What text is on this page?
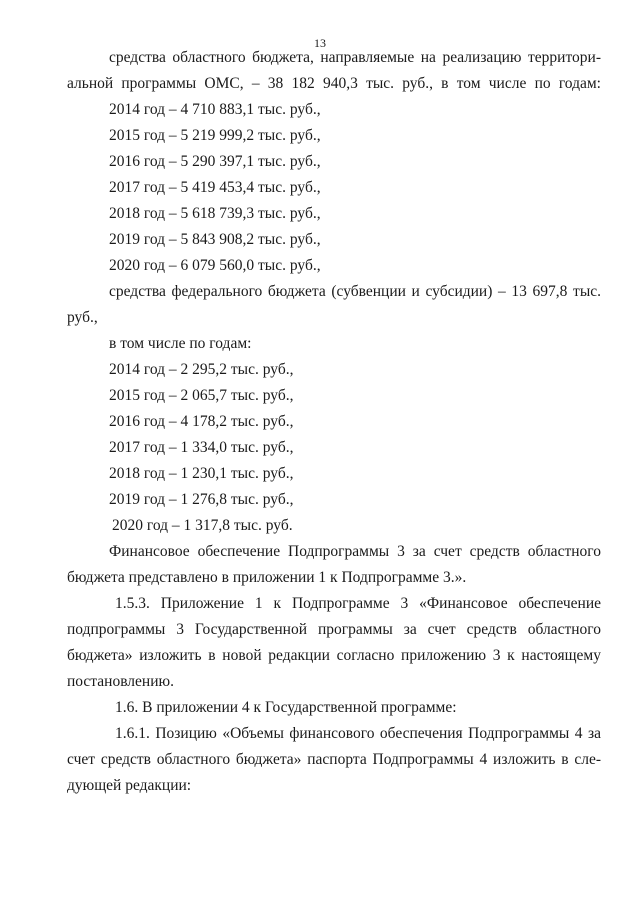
13
средства областного бюджета, направляемые на реализацию территори-
альной программы ОМС, – 38 182 940,3 тыс. руб., в том числе по годам:
2014 год – 4 710 883,1 тыс. руб.,
2015 год – 5 219 999,2 тыс. руб.,
2016 год – 5 290 397,1 тыс. руб.,
2017 год – 5 419 453,4 тыс. руб.,
2018 год – 5 618 739,3 тыс. руб.,
2019 год – 5 843 908,2 тыс. руб.,
2020 год – 6 079 560,0 тыс. руб.,
средства федерального бюджета (субвенции и субсидии) – 13 697,8 тыс.
руб.,
в том числе по годам:
2014 год – 2 295,2 тыс. руб.,
2015 год – 2 065,7 тыс. руб.,
2016 год – 4 178,2 тыс. руб.,
2017 год – 1 334,0 тыс. руб.,
2018 год – 1 230,1 тыс. руб.,
2019 год – 1 276,8 тыс. руб.,
2020 год – 1 317,8 тыс. руб.
Финансовое обеспечение Подпрограммы 3 за счет средств областного
бюджета представлено в приложении 1 к Подпрограмме 3.».
1.5.3. Приложение 1 к Подпрограмме 3 «Финансовое обеспечение
подпрограммы 3 Государственной программы за счет средств областного
бюджета» изложить в новой редакции согласно приложению 3 к настоящему
постановлению.
1.6. В приложении 4 к Государственной программе:
1.6.1. Позицию «Объемы финансового обеспечения Подпрограммы 4 за
счет средств областного бюджета» паспорта Подпрограммы 4 изложить в сле-
дующей редакции:
